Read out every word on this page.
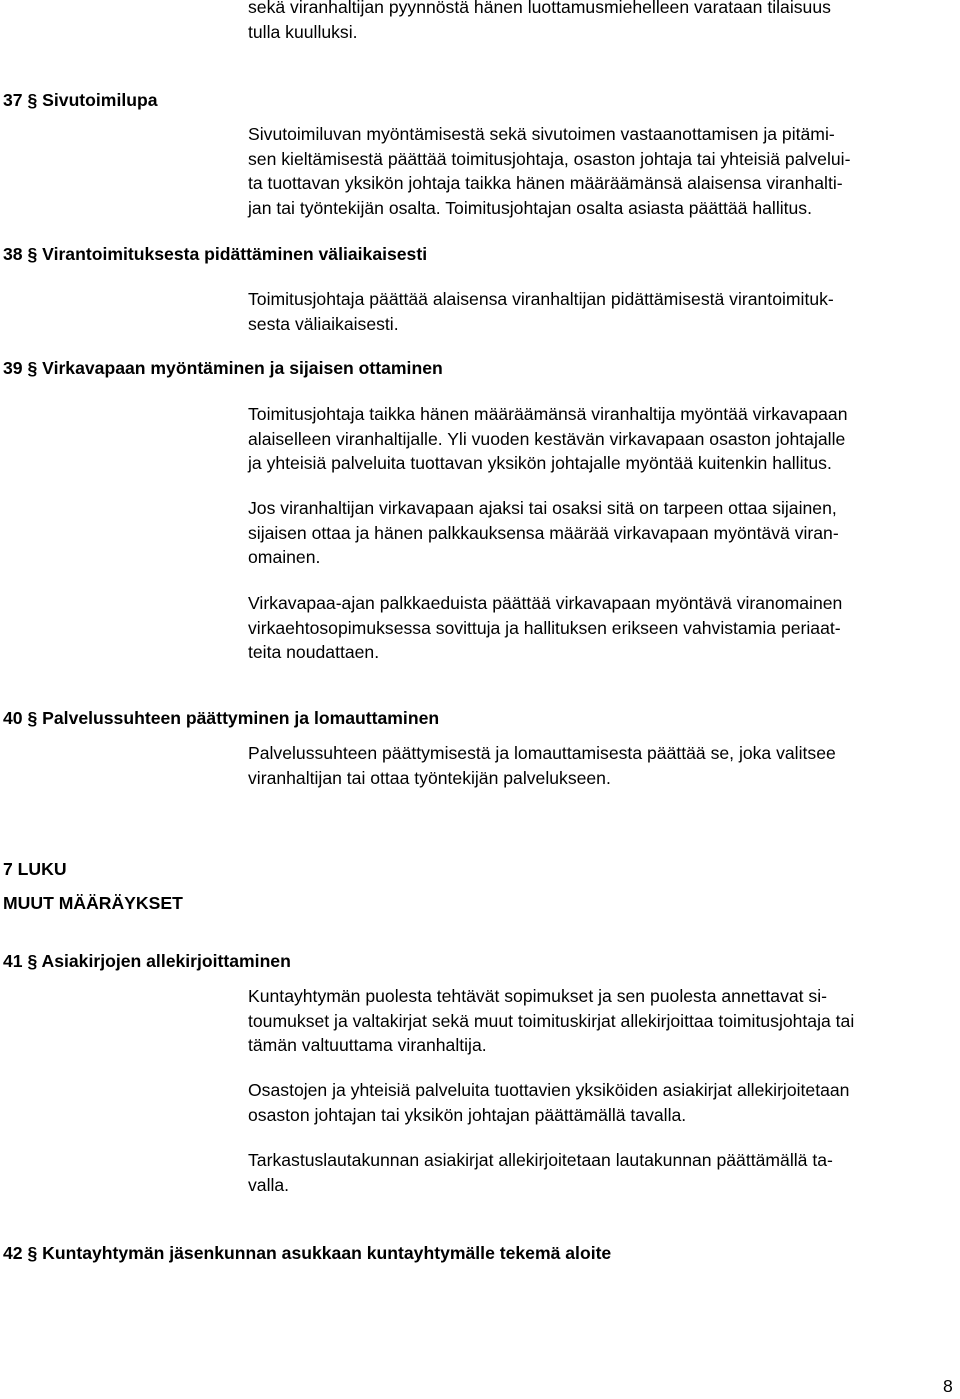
sekä viranhaltijan pyynnöstä hänen luottamusmiehelleen varataan tilaisuus
tulla kuulluksi.
37 § Sivutoimilupa
Sivutoimiluvan myöntämisestä sekä sivutoimen vastaanottamisen ja pitämi-
sen kieltämisestä päättää toimitusjohtaja, osaston johtaja tai yhteisiä palvelui-
ta tuottavan yksikön johtaja taikka hänen määräämänsä alaisensa viranhalti-
jan tai työntekijän osalta. Toimitusjohtajan osalta asiasta päättää hallitus.
38 § Virantoimituksesta pidättäminen väliaikaisesti
Toimitusjohtaja päättää alaisensa viranhaltijan pidättämisestä virantoimituk-
sesta väliaikaisesti.
39 § Virkavapaan myöntäminen ja sijaisen ottaminen
Toimitusjohtaja taikka hänen määräämänsä viranhaltija myöntää virkavapaan
alaiselleen viranhaltijalle. Yli vuoden kestävän virkavapaan osaston johtajalle
ja yhteisiä palveluita tuottavan yksikön johtajalle myöntää kuitenkin hallitus.
Jos viranhaltijan virkavapaan ajaksi tai osaksi sitä on tarpeen ottaa sijainen,
sijaisen ottaa ja hänen palkkauksensa määrää virkavapaan myöntävä viran-
omainen.
Virkavapaa-ajan palkkaeduista päättää virkavapaan myöntävä viranomainen
virkaehtosopimuksessa sovittuja ja hallituksen erikseen vahvistamia periaat-
teita noudattaen.
40 § Palvelussuhteen päättyminen ja lomauttaminen
Palvelussuhteen päättymisestä ja lomauttamisesta päättää se, joka valitsee
viranhaltijan tai ottaa työntekijän palvelukseen.
7 LUKU
MUUT MÄÄRÄYKSET
41 § Asiakirjojen allekirjoittaminen
Kuntayhtymän puolesta tehtävät sopimukset ja sen puolesta annettavat si-
toumukset ja valtakirjat sekä muut toimituskirjat allekirjoittaa toimitusjohtaja tai
tämän valtuuttama viranhaltija.
Osastojen ja yhteisiä palveluita tuottavien yksiköiden asiakirjat allekirjoitetaan
osaston johtajan tai yksikön johtajan päättämällä tavalla.
Tarkastuslautakunnan asiakirjat allekirjoitetaan lautakunnan päättämällä ta-
valla.
42 § Kuntayhtymän jäsenkunnan asukkaan kuntayhtymälle tekemä aloite
8
